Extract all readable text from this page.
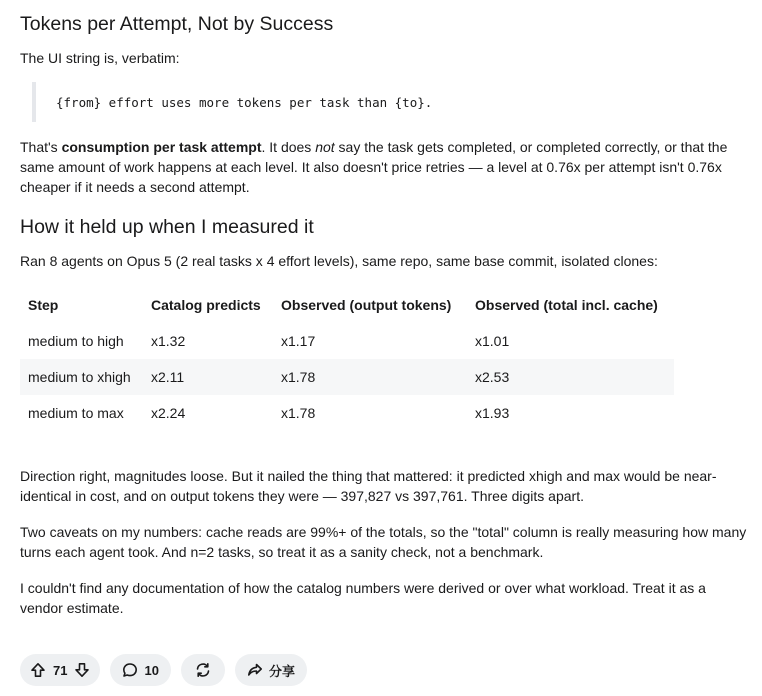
Tokens per Attempt, Not by Success

The UI string is, verbatim:

{from} effort uses more tokens per task than {to}.

That's consumption per task attempt. It does not say the task gets completed, or completed correctly, or that the same amount of work happens at each level. It also doesn't price retries — a level at 0.76x per attempt isn't 0.76x cheaper if it needs a second attempt.

How it held up when I measured it

Ran 8 agents on Opus 5 (2 real tasks x 4 effort levels), same repo, same base commit, isolated clones:

Step	Catalog predicts	Observed (output tokens)	Observed (total incl. cache)
medium to high	x1.32	x1.17	x1.01
medium to xhigh	x2.11	x1.78	x2.53
medium to max	x2.24	x1.78	x1.93

Direction right, magnitudes loose. But it nailed the thing that mattered: it predicted xhigh and max would be near-identical in cost, and on output tokens they were — 397,827 vs 397,761. Three digits apart.

Two caveats on my numbers: cache reads are 99%+ of the totals, so the "total" column is really measuring how many turns each agent took. And n=2 tasks, so treat it as a sanity check, not a benchmark.

I couldn't find any documentation of how the catalog numbers were derived or over what workload. Treat it as a vendor estimate.

71	10	分享
